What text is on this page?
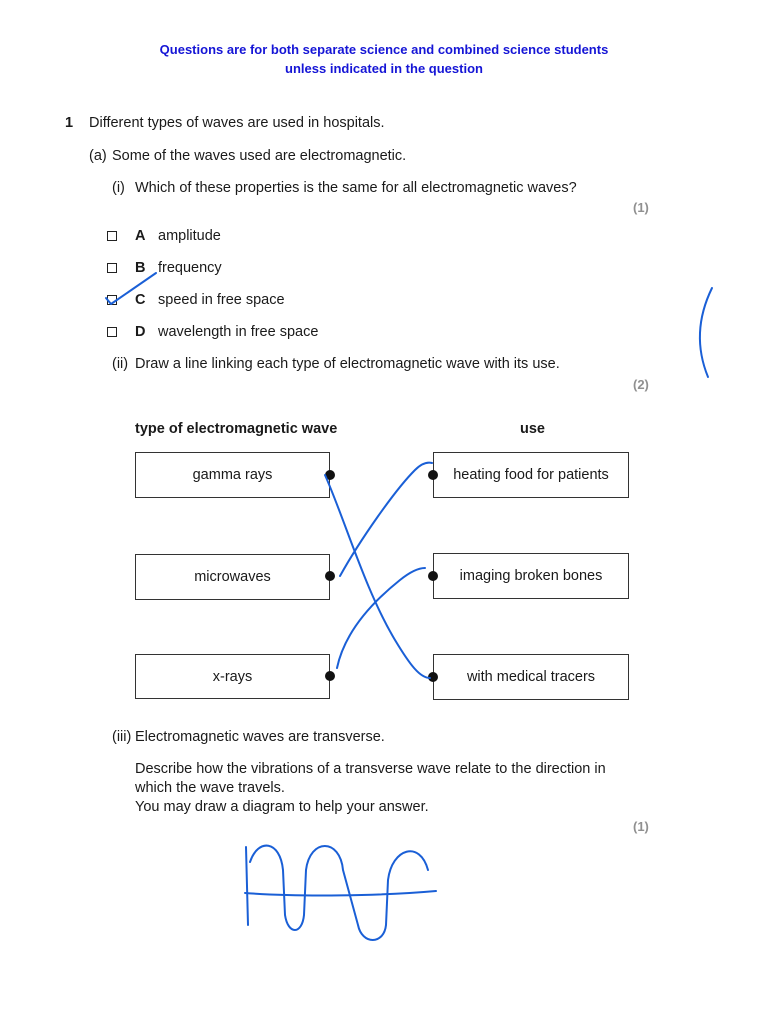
Questions are for both separate science and combined science students
unless indicated in the question
1 Different types of waves are used in hospitals.
(a) Some of the waves used are electromagnetic.
(i) Which of these properties is the same for all electromagnetic waves?
(1)
A amplitude
B frequency
C speed in free space
D wavelength in free space
(ii) Draw a line linking each type of electromagnetic wave with its use.
(2)
type of electromagnetic wave	use
gamma rays
microwaves
x-rays
heating food for patients
imaging broken bones
with medical tracers
(iii) Electromagnetic waves are transverse.
Describe how the vibrations of a transverse wave relate to the direction in
which the wave travels.
You may draw a diagram to help your answer.
(1)
